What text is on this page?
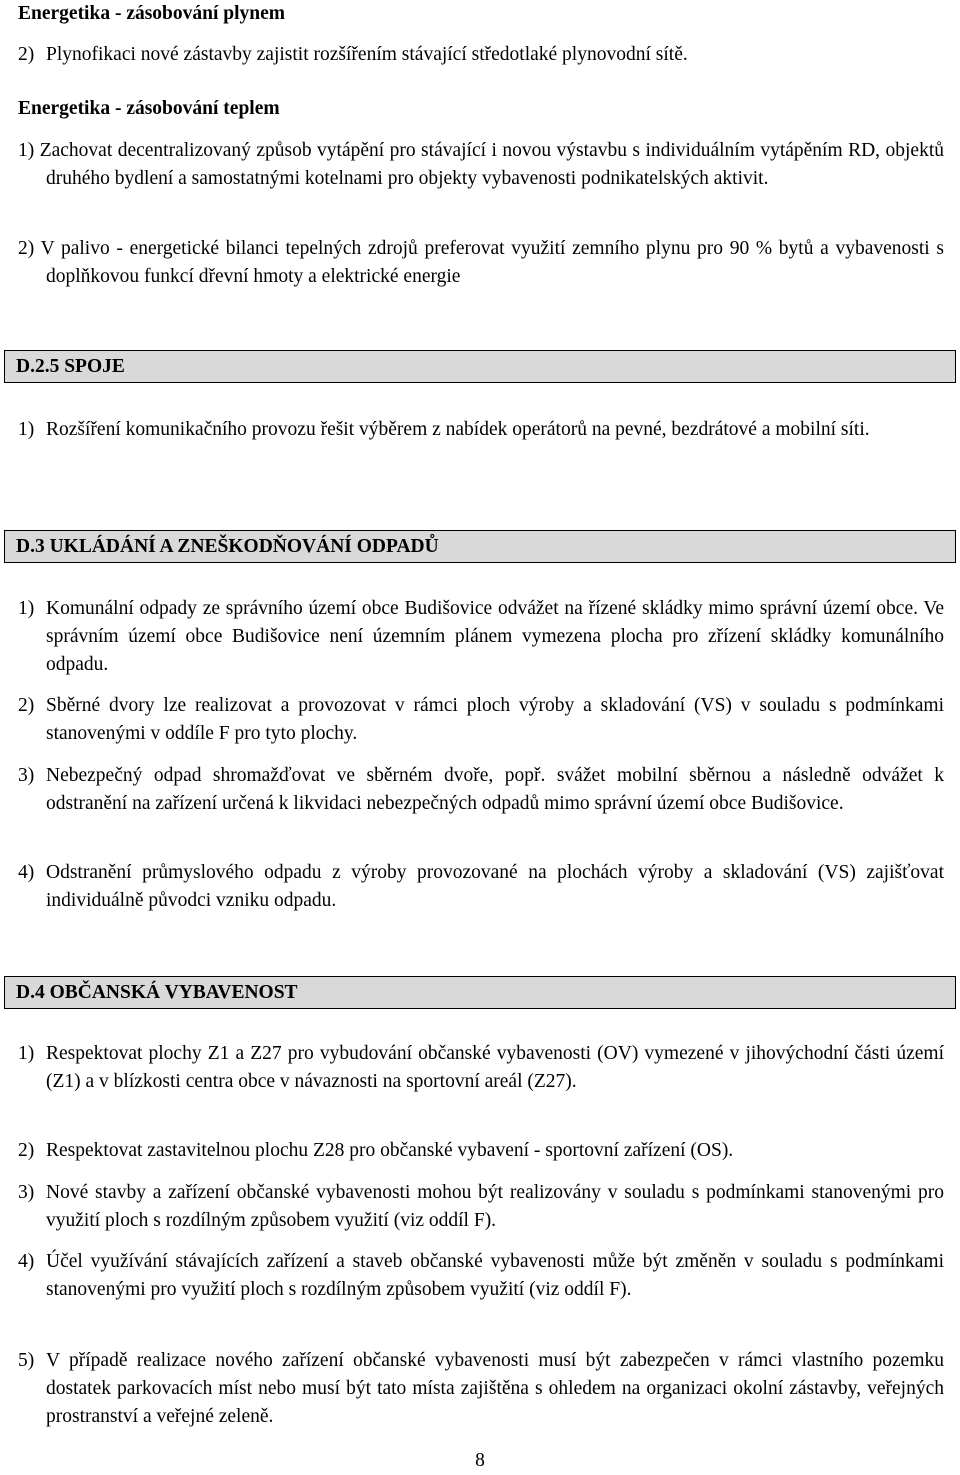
Energetika - zásobování plynem
2) Plynofikaci nové zástavby zajistit rozšířením stávající středotlaké plynovodní sítě.
Energetika - zásobování teplem
1) Zachovat decentralizovaný způsob vytápění pro stávající i novou výstavbu s individuálním vytápěním RD, objektů druhého bydlení a samostatnými kotelnami pro objekty vybavenosti podnikatelských aktivit.
2) V palivo - energetické bilanci tepelných zdrojů preferovat využití zemního plynu pro 90 % bytů a vybavenosti s doplňkovou funkcí dřevní hmoty a elektrické energie
D.2.5 SPOJE
1) Rozšíření komunikačního provozu řešit výběrem z nabídek operátorů na pevné, bezdrátové a mobilní síti.
D.3 UKLÁDÁNÍ A ZNEŠKODŇOVÁNÍ ODPADŮ
1) Komunální odpady ze správního území obce Budišovice odvážet na řízené skládky mimo správní území obce. Ve správním území obce Budišovice není územním plánem vymezena plocha pro zřízení skládky komunálního odpadu.
2) Sběrné dvory lze realizovat a provozovat v rámci ploch výroby a skladování (VS) v souladu s podmínkami stanovenými v oddíle F pro tyto plochy.
3) Nebezpečný odpad shromažďovat ve sběrném dvoře, popř. svážet mobilní sběrnou a následně odvážet k odstranění na zařízení určená k likvidaci nebezpečných odpadů mimo správní území obce Budišovice.
4) Odstranění průmyslového odpadu z výroby provozované na plochách výroby a skladování (VS) zajišťovat individuálně původci vzniku odpadu.
D.4 OBČANSKÁ VYBAVENOST
1) Respektovat plochy Z1 a Z27 pro vybudování občanské vybavenosti (OV) vymezené v jihovýchodní části území (Z1) a v blízkosti centra obce v návaznosti na sportovní areál (Z27).
2) Respektovat zastavitelnou plochu Z28 pro občanské vybavení - sportovní zařízení (OS).
3) Nové stavby a zařízení občanské vybavenosti mohou být realizovány v souladu s podmínkami stanovenými pro využití ploch s rozdílným způsobem využití (viz oddíl F).
4) Účel využívání stávajících zařízení a staveb občanské vybavenosti může být změněn v souladu s podmínkami stanovenými pro využití ploch s rozdílným způsobem využití (viz oddíl F).
5) V případě realizace nového zařízení občanské vybavenosti musí být zabezpečen v rámci vlastního pozemku dostatek parkovacích míst nebo musí být tato místa zajištěna s ohledem na organizaci okolní zástavby, veřejných prostranství a veřejné zeleně.
8
